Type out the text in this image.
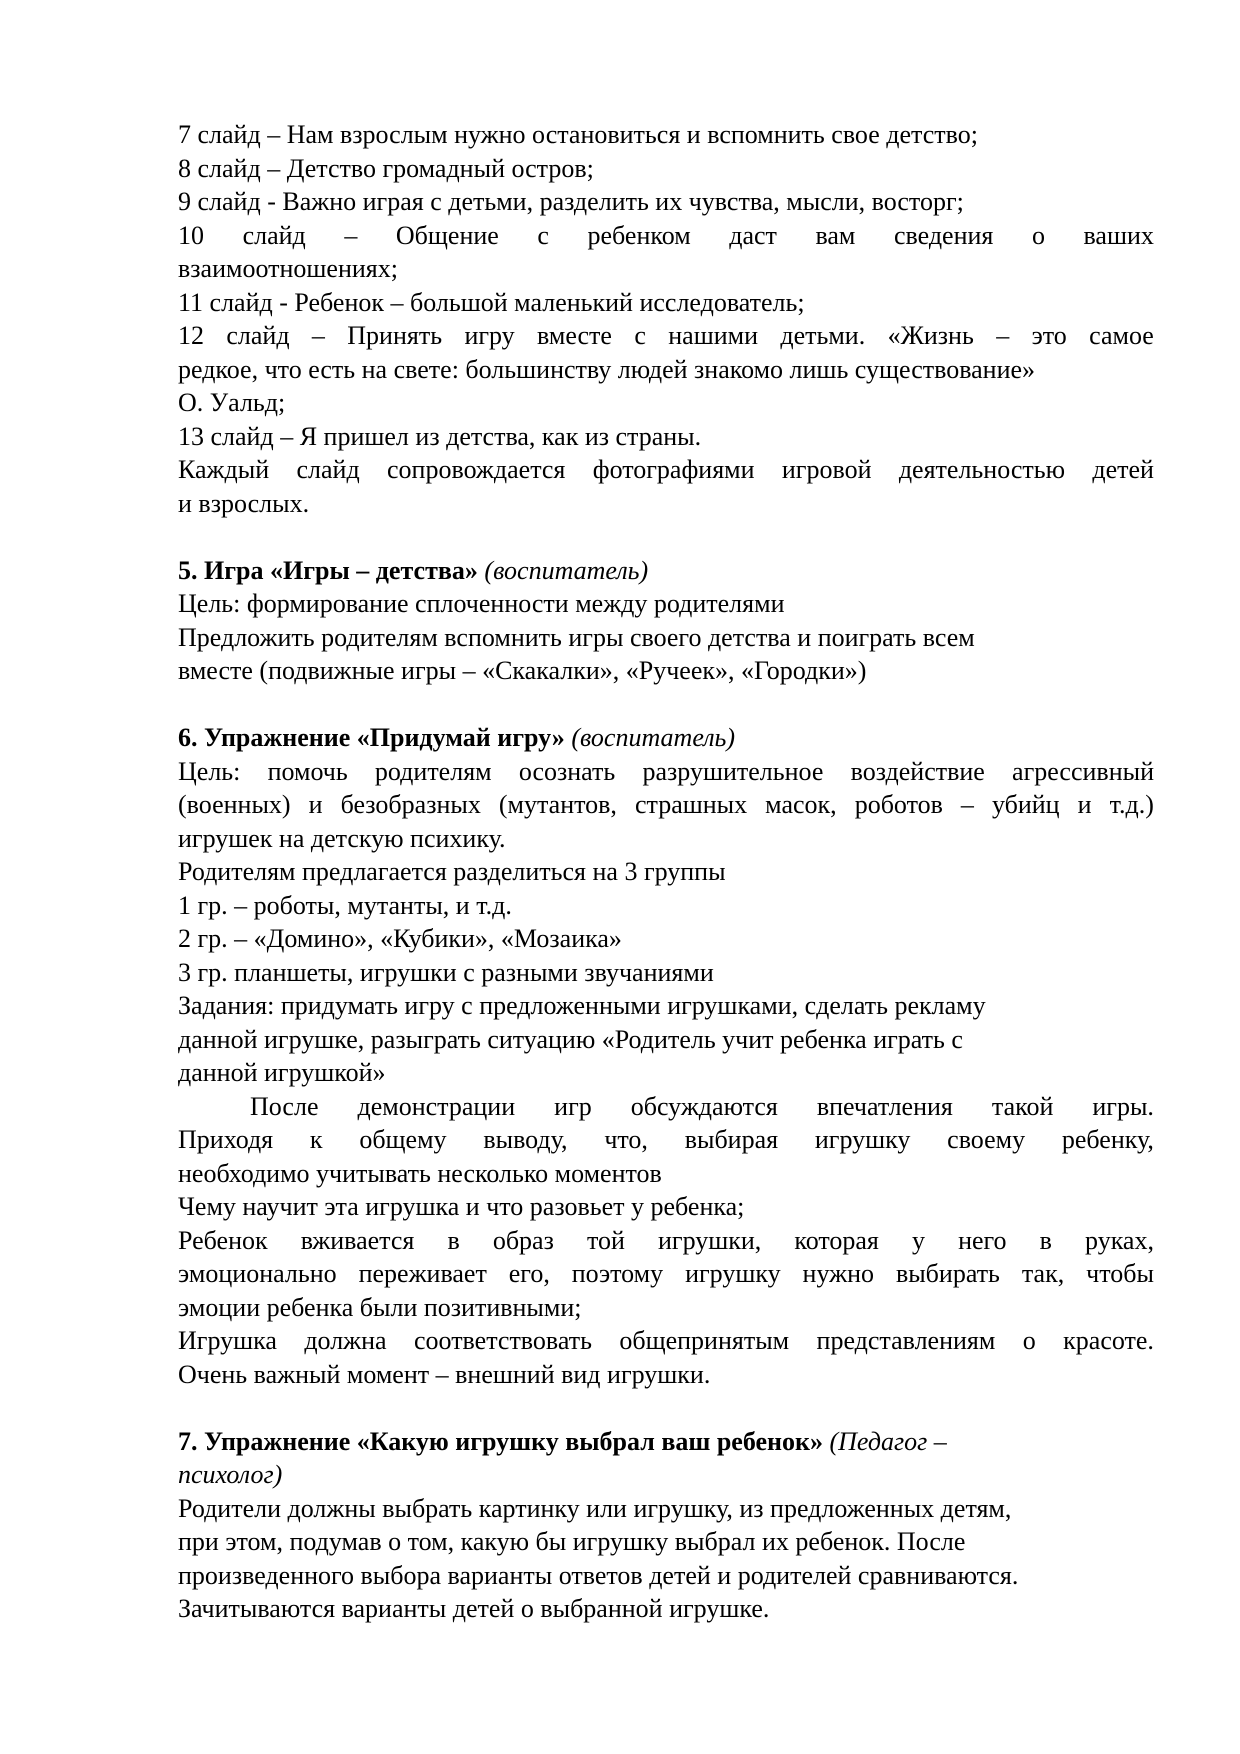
7 слайд – Нам взрослым нужно остановиться и вспомнить свое детство;
8 слайд – Детство громадный остров;
9 слайд - Важно играя с детьми, разделить их чувства, мысли, восторг;
10 слайд – Общение с ребенком даст вам сведения о ваших
взаимоотношениях;
11 слайд - Ребенок – большой маленький исследователь;
12 слайд – Принять игру вместе с нашими детьми. «Жизнь – это самое
редкое, что есть на свете: большинству людей знакомо лишь существование»
О. Уальд;
13 слайд – Я пришел из детства, как из страны.
Каждый слайд сопровождается фотографиями игровой деятельностью детей
и взрослых.
5. Игра «Игры – детства» (воспитатель)
Цель: формирование сплоченности между родителями
Предложить родителям вспомнить игры своего детства и поиграть всем
вместе (подвижные игры – «Скакалки», «Ручеек», «Городки»)
6. Упражнение «Придумай игру» (воспитатель)
Цель: помочь родителям осознать разрушительное воздействие агрессивный
(военных) и безобразных (мутантов, страшных масок, роботов – убийц и т.д.)
игрушек на детскую психику.
Родителям предлагается разделиться на 3 группы
1 гр. – роботы, мутанты, и т.д.
2 гр. – «Домино», «Кубики», «Мозаика»
3 гр. планшеты, игрушки с разными звучаниями
Задания: придумать игру с предложенными игрушками, сделать рекламу
данной игрушке, разыграть ситуацию «Родитель учит ребенка играть с
данной игрушкой»
После демонстрации игр обсуждаются впечатления такой игры.
Приходя к общему выводу, что, выбирая игрушку своему ребенку,
необходимо учитывать несколько моментов
Чему научит эта игрушка и что разовьет у ребенка;
Ребенок вживается в образ той игрушки, которая у него в руках,
эмоционально переживает его, поэтому игрушку нужно выбирать так, чтобы
эмоции ребенка были позитивными;
Игрушка должна соответствовать общепринятым представлениям о красоте.
Очень важный момент – внешний вид игрушки.
7. Упражнение «Какую игрушку выбрал ваш ребенок» (Педагог –
психолог)
Родители должны выбрать картинку или игрушку, из предложенных детям,
при этом, подумав о том, какую бы игрушку выбрал их ребенок. После
произведенного выбора варианты ответов детей и родителей сравниваются.
Зачитываются варианты детей о выбранной игрушке.
